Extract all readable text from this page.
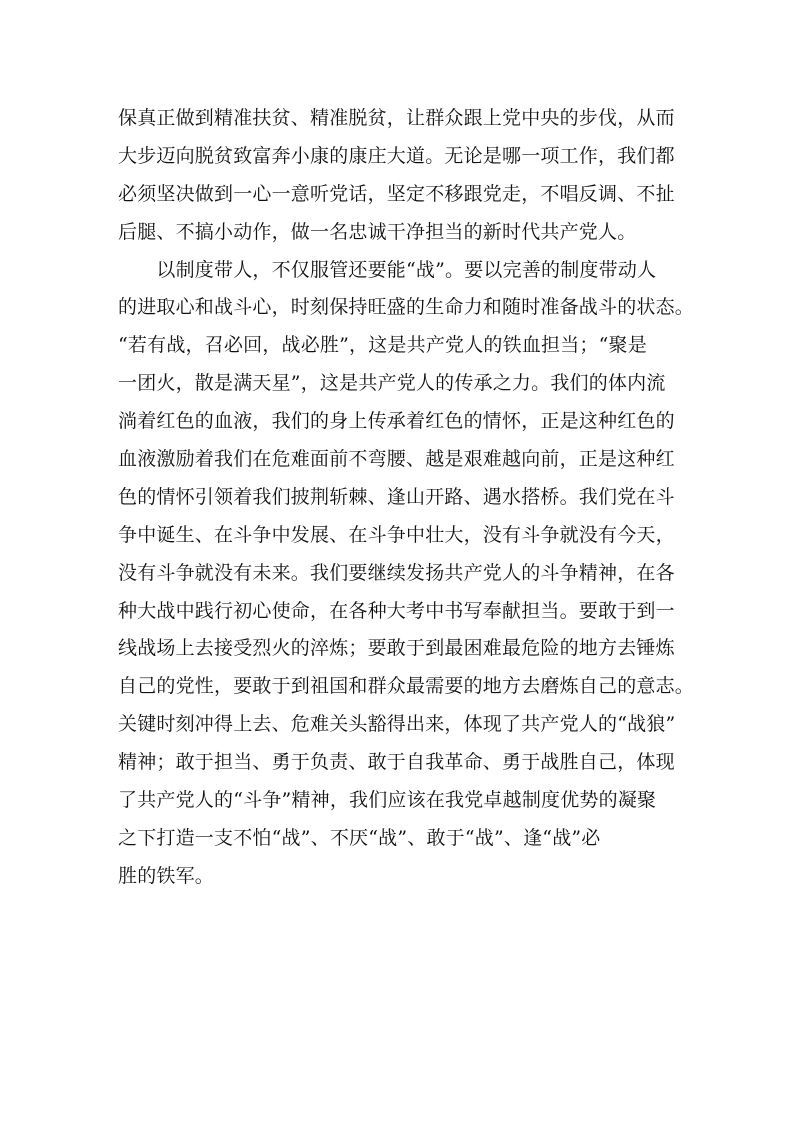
保真正做到精准扶贫、精准脱贫，让群众跟上党中央的步伐，从而
大步迈向脱贫致富奔小康的康庄大道。无论是哪一项工作，我们都
必须坚决做到一心一意听党话，坚定不移跟党走，不唱反调、不扯
后腿、不搞小动作，做一名忠诚干净担当的新时代共产党人。
　　以制度带人，不仅服管还要能“战”。要以完善的制度带动人
的进取心和战斗心，时刻保持旺盛的生命力和随时准备战斗的状态。
“若有战，召必回，战必胜”，这是共产党人的铁血担当；“聚是
一团火，散是满天星”，这是共产党人的传承之力。我们的体内流
淌着红色的血液，我们的身上传承着红色的情怀，正是这种红色的
血液激励着我们在危难面前不弯腰、越是艰难越向前，正是这种红
色的情怀引领着我们披荆斩棘、逢山开路、遇水搭桥。我们党在斗
争中诞生、在斗争中发展、在斗争中壮大，没有斗争就没有今天，
没有斗争就没有未来。我们要继续发扬共产党人的斗争精神，在各
种大战中践行初心使命，在各种大考中书写奉献担当。要敢于到一
线战场上去接受烈火的淬炼；要敢于到最困难最危险的地方去锤炼
自己的党性，要敢于到祖国和群众最需要的地方去磨炼自己的意志。
关键时刻冲得上去、危难关头豁得出来，体现了共产党人的“战狼”
精神；敢于担当、勇于负责、敢于自我革命、勇于战胜自己，体现
了共产党人的“斗争”精神，我们应该在我党卓越制度优势的凝聚
之下打造一支不怕“战”、不厌“战”、敢于“战”、逢“战”必
胜的铁军。
